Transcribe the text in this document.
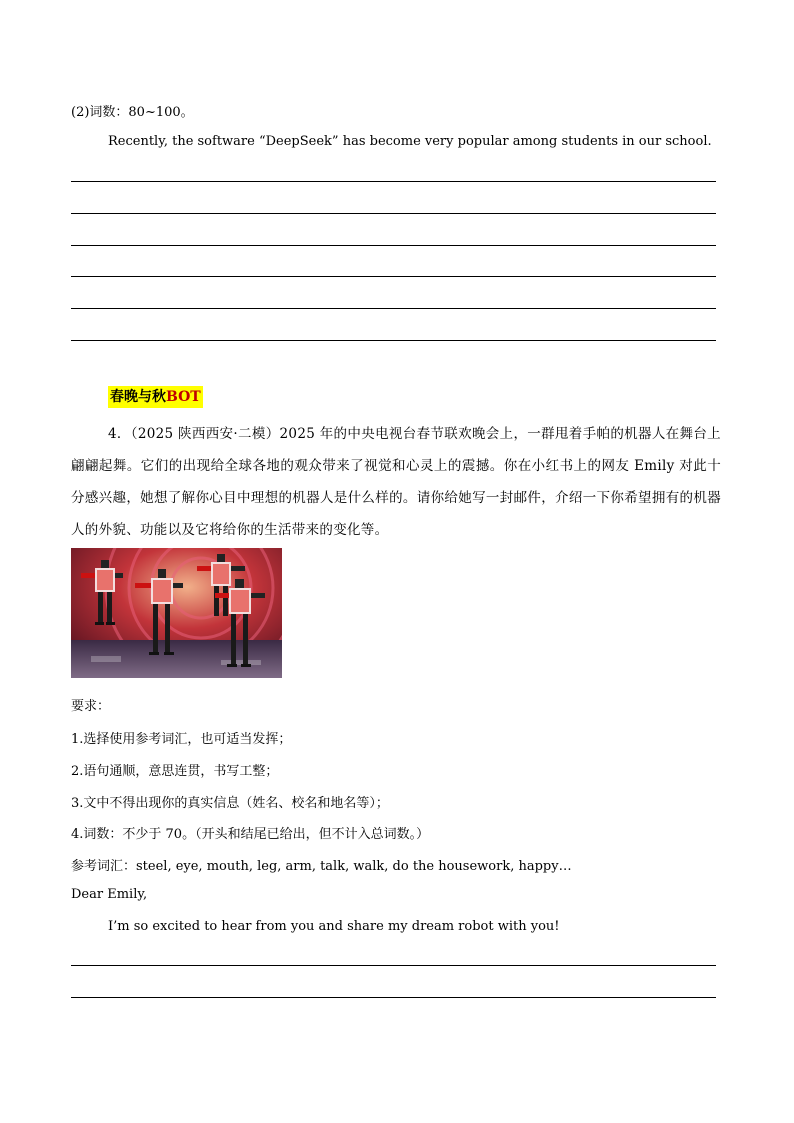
(2)词数：80~100。
Recently, the software “DeepSeek” has become very popular among students in our school.
春晚与秋BOT
4．（2025 陕西西安·二模）2025 年的中央电视台春节联欢晚会上，一群甩着手帕的机器人在舞台上翩翩起舞。它们的出现给全球各地的观众带来了视觉和心灵上的震撼。你在小红书上的网友 Emily 对此十分感兴趣，她想了解你心目中理想的机器人是什么样的。请你给她写一封邮件，介绍一下你希望拥有的机器人的外貌、功能以及它将给你的生活带来的变化等。
要求：
1.选择使用参考词汇，也可适当发挥；
2.语句通顺，意思连贯，书写工整；
3.文中不得出现你的真实信息（姓名、校名和地名等）；
4.词数：不少于 70。（开头和结尾已给出，但不计入总词数。）
参考词汇：steel, eye, mouth, leg, arm, talk, walk, do the housework, happy…
Dear Emily,
I’m so excited to hear from you and share my dream robot with you!
